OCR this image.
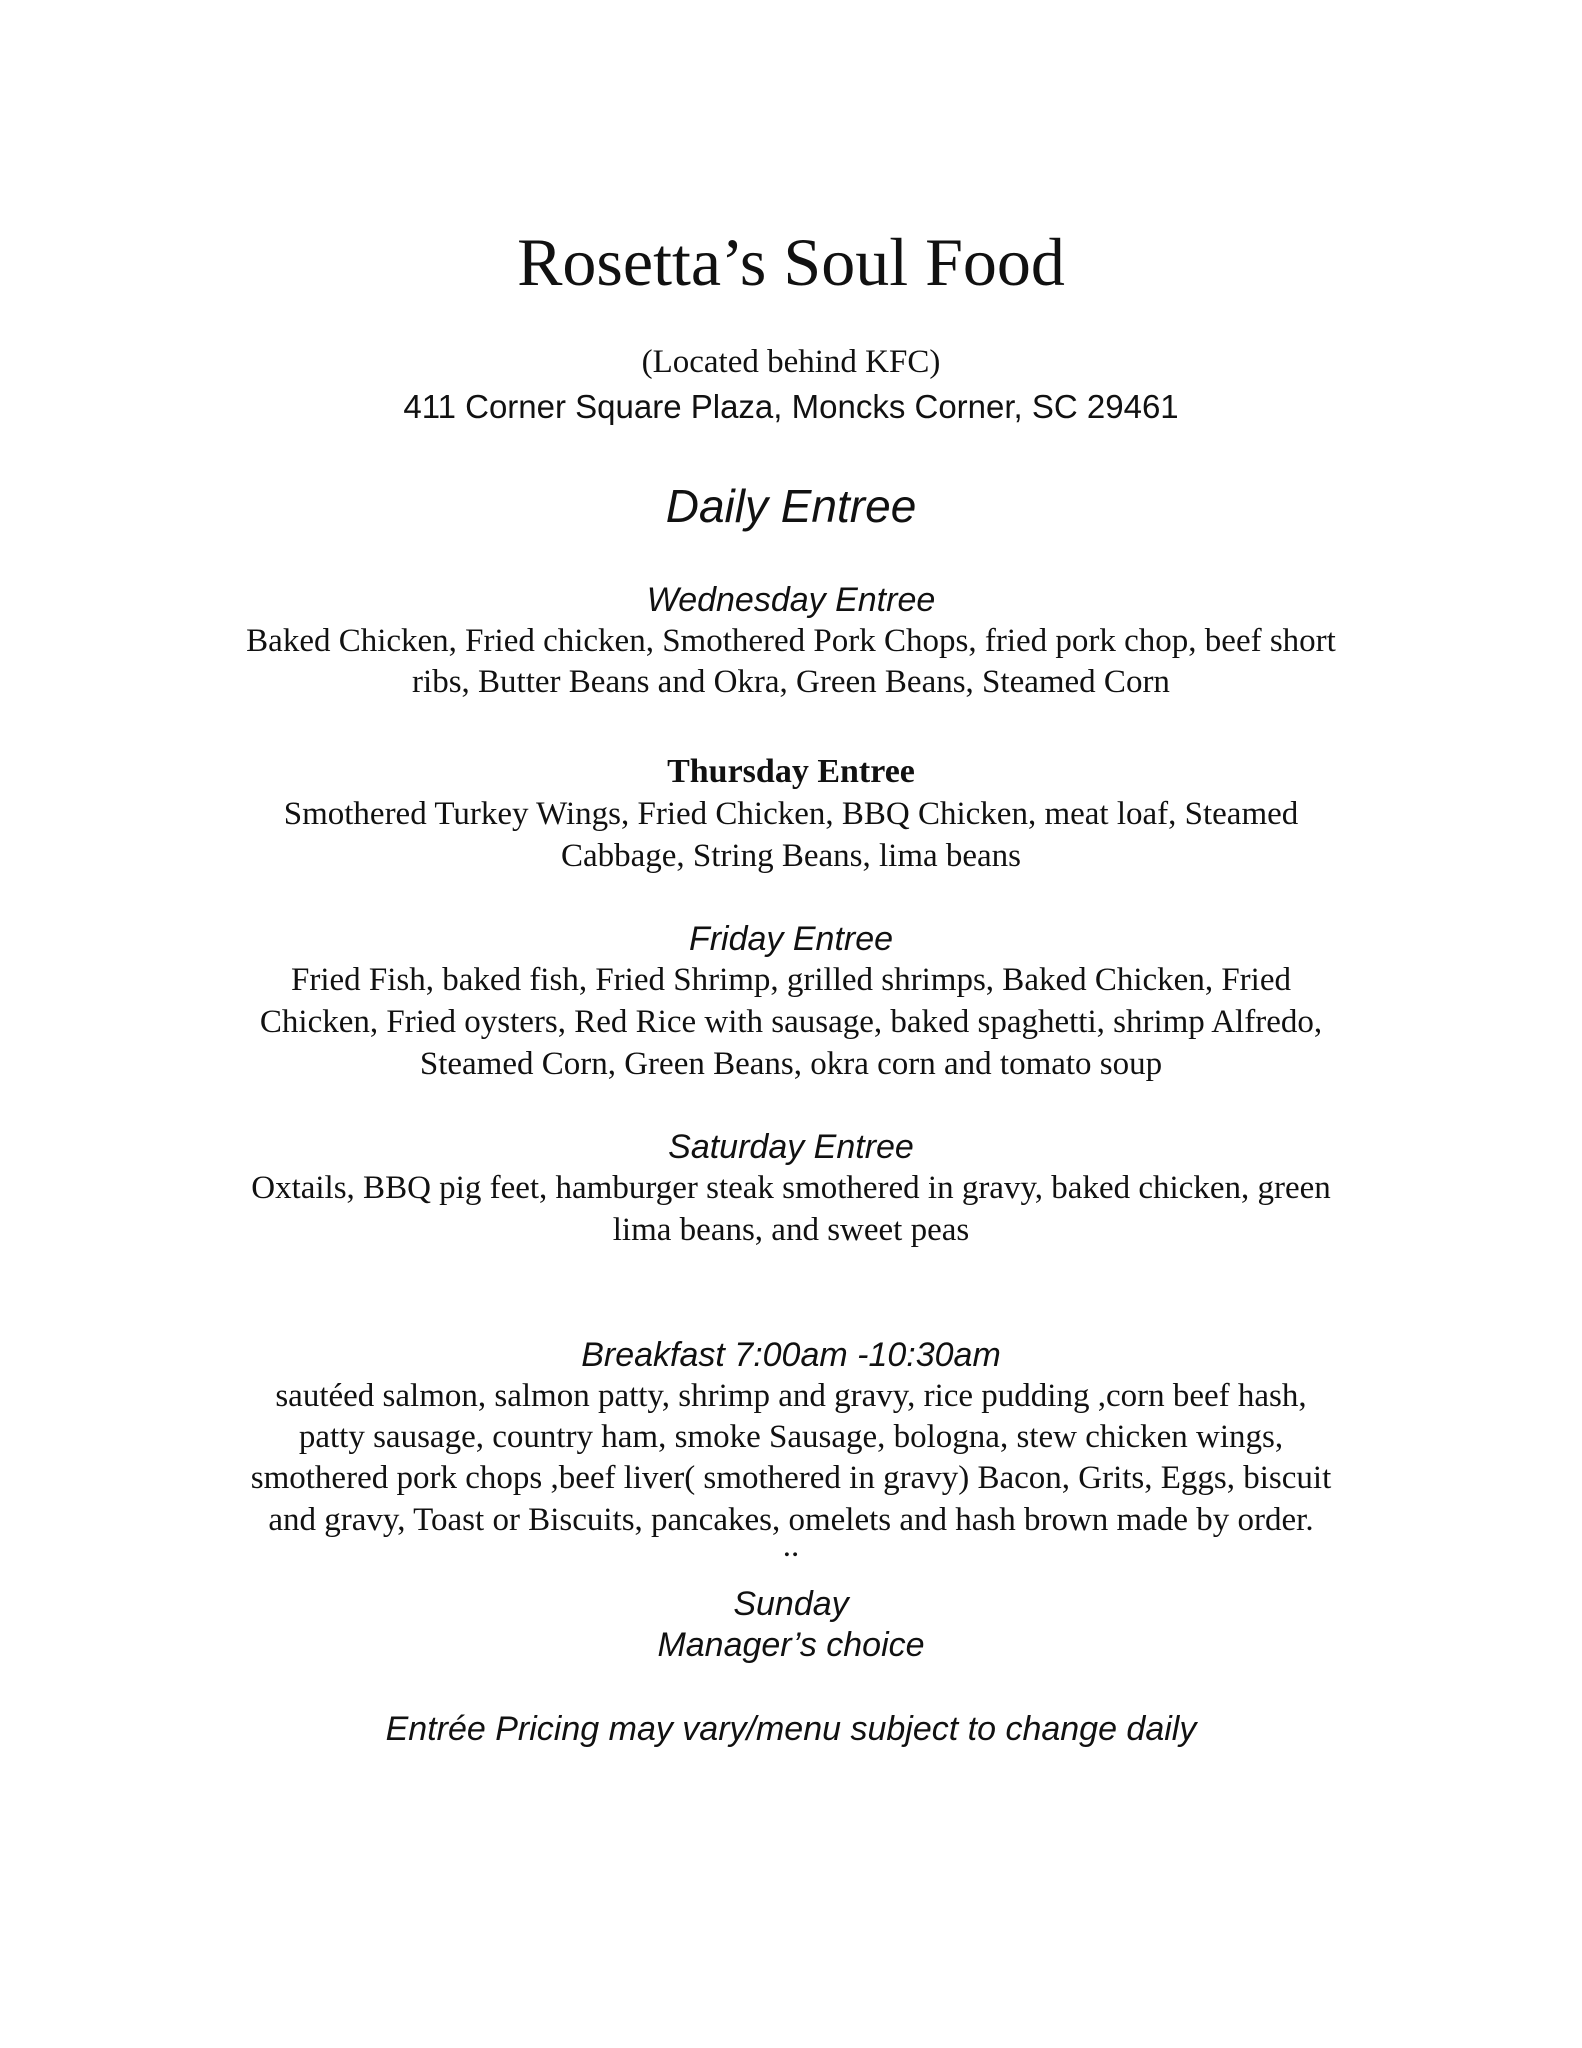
Rosetta’s Soul Food
(Located behind KFC)
411 Corner Square Plaza, Moncks Corner, SC 29461
Daily Entree
Wednesday Entree
Baked Chicken, Fried chicken, Smothered Pork Chops, fried pork chop, beef short
ribs, Butter Beans and Okra, Green Beans, Steamed Corn
Thursday Entree
Smothered Turkey Wings, Fried Chicken, BBQ Chicken, meat loaf, Steamed
Cabbage, String Beans, lima beans
Friday Entree
Fried Fish, baked fish, Fried Shrimp, grilled shrimps, Baked Chicken, Fried
Chicken, Fried oysters, Red Rice with sausage, baked spaghetti, shrimp Alfredo,
Steamed Corn, Green Beans, okra corn and tomato soup
Saturday Entree
Oxtails, BBQ pig feet, hamburger steak smothered in gravy, baked chicken, green
lima beans, and sweet peas
Breakfast 7:00am -10:30am
sautéed salmon, salmon patty, shrimp and gravy, rice pudding ,corn beef hash,
patty sausage, country ham, smoke Sausage, bologna, stew chicken wings,
smothered pork chops ,beef liver( smothered in gravy) Bacon, Grits, Eggs, biscuit
and gravy, Toast or Biscuits, pancakes, omelets and hash brown made by order.
..
Sunday
Manager’s choice
Entrée Pricing may vary/menu subject to change daily
